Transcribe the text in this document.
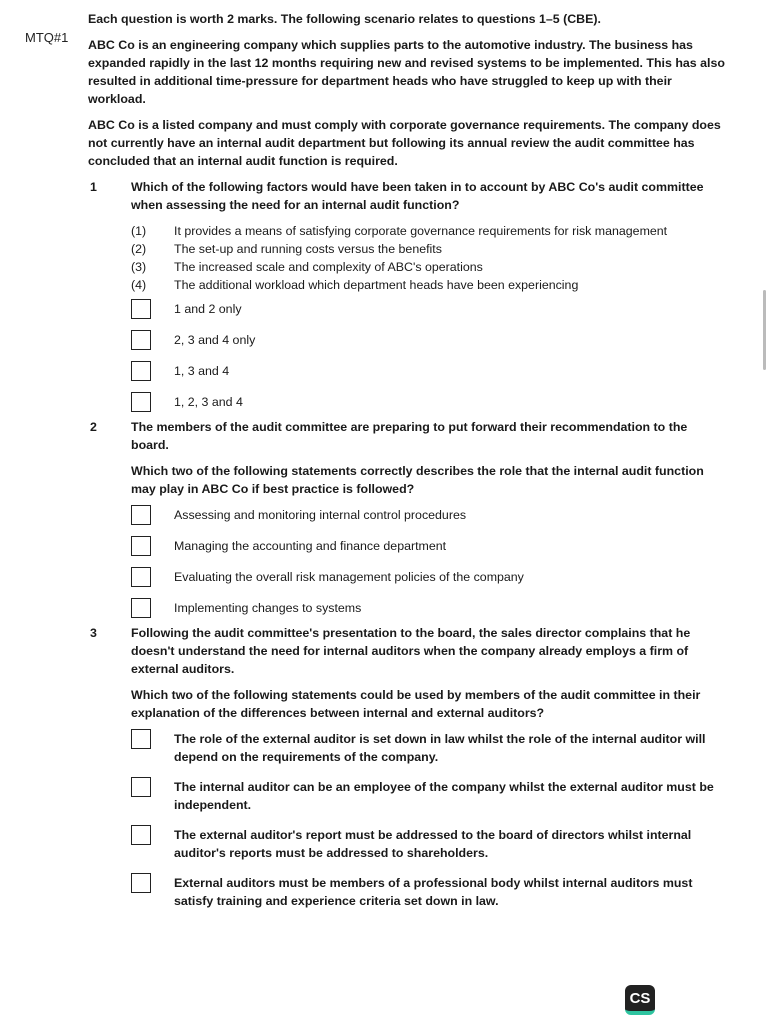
MTQ#1

Each question is worth 2 marks. The following scenario relates to questions 1–5 (CBE).

ABC Co is an engineering company which supplies parts to the automotive industry. The business has expanded rapidly in the last 12 months requiring new and revised systems to be implemented. This has also resulted in additional time-pressure for department heads who have struggled to keep up with their workload.

ABC Co is a listed company and must comply with corporate governance requirements. The company does not currently have an internal audit department but following its annual review the audit committee has concluded that an internal audit function is required.

1	Which of the following factors would have been taken in to account by ABC Co's audit committee when assessing the need for an internal audit function?

(1)	It provides a means of satisfying corporate governance requirements for risk management
(2)	The set-up and running costs versus the benefits
(3)	The increased scale and complexity of ABC's operations
(4)	The additional workload which department heads have been experiencing
1 and 2 only
2, 3 and 4 only
1, 3 and 4
1, 2, 3 and 4
2	The members of the audit committee are preparing to put forward their recommendation to the board.

Which two of the following statements correctly describes the role that the internal audit function may play in ABC Co if best practice is followed?

Assessing and monitoring internal control procedures
Managing the accounting and finance department
Evaluating the overall risk management policies of the company
Implementing changes to systems
3	Following the audit committee's presentation to the board, the sales director complains that he doesn't understand the need for internal auditors when the company already employs a firm of external auditors.

Which two of the following statements could be used by members of the audit committee in their explanation of the differences between internal and external auditors?

The role of the external auditor is set down in law whilst the role of the internal auditor will depend on the requirements of the company.
The internal auditor can be an employee of the company whilst the external auditor must be independent.
The external auditor's report must be addressed to the board of directors whilst internal auditor's reports must be addressed to shareholders.
External auditors must be members of a professional body whilst internal auditors must satisfy training and experience criteria set down in law.
CS
